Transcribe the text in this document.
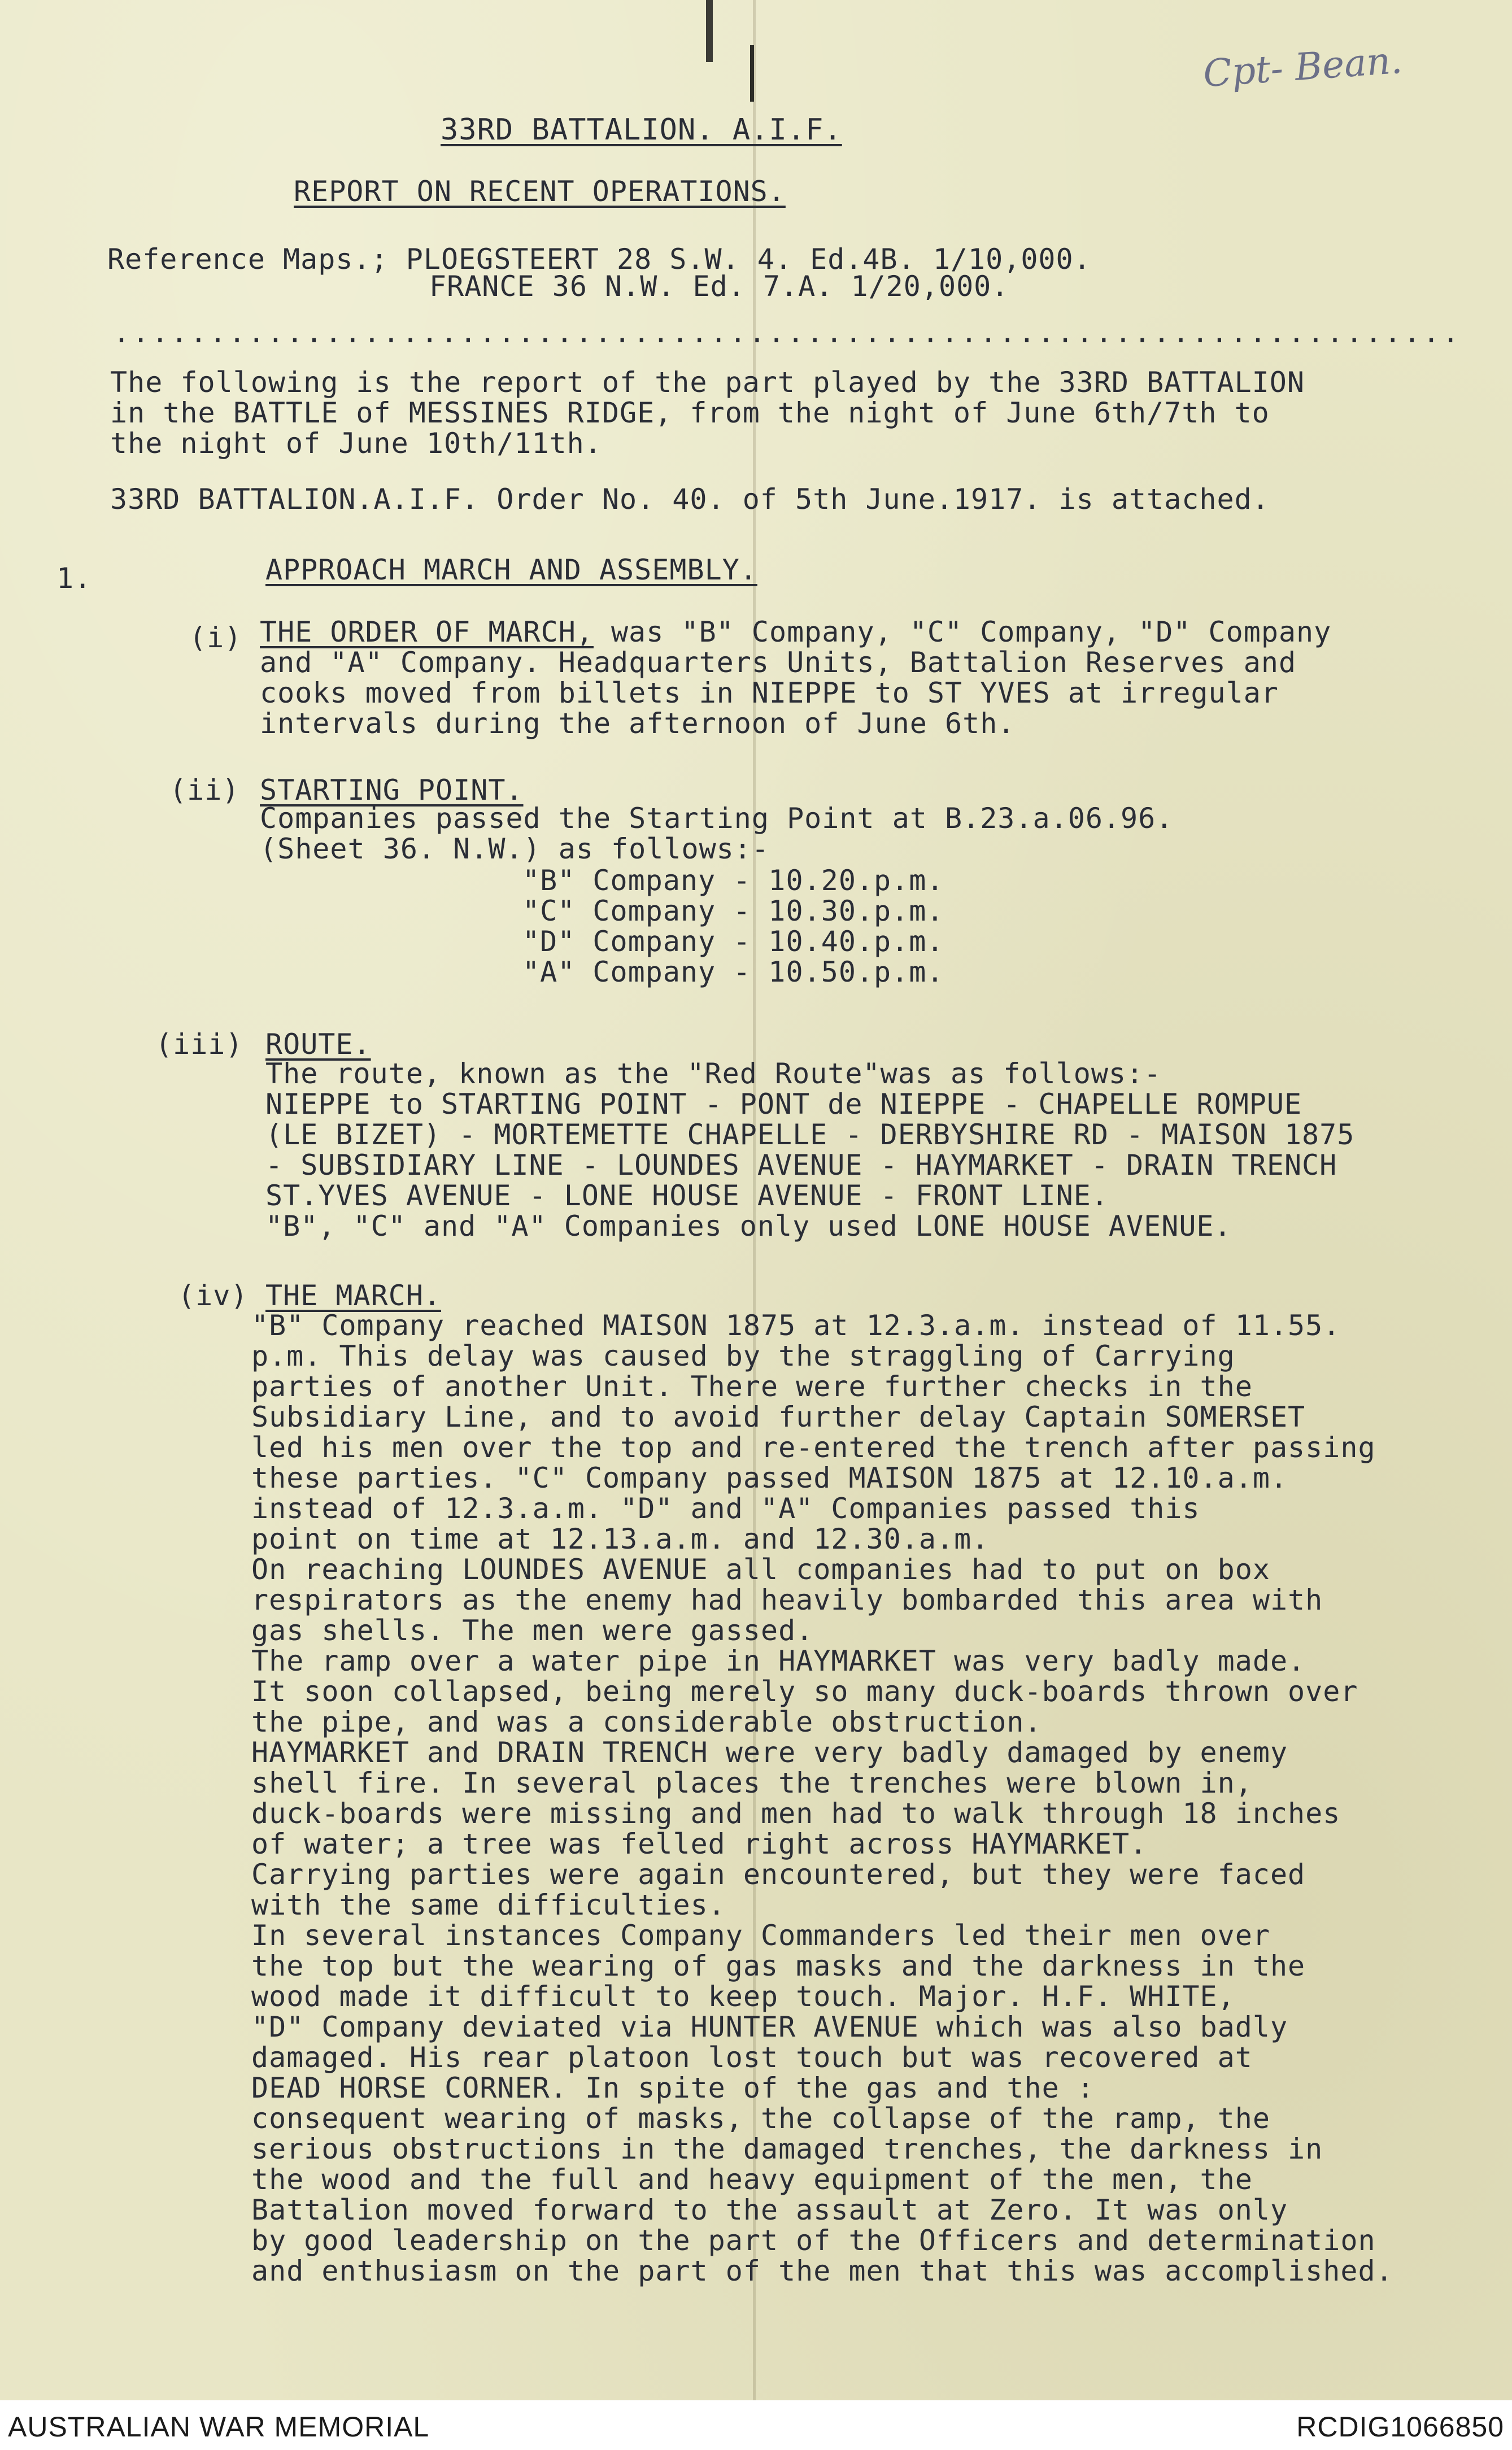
Cpt- Bean.
33RD BATTALION. A.I.F.
REPORT ON RECENT OPERATIONS.
Reference Maps.; PLOEGSTEERT 28 S.W. 4. Ed.4B. 1/10,000.
FRANCE 36 N.W. Ed. 7.A. 1/20,000.
......................................................................
The following is the report of the part played by the 33RD BATTALION
in the BATTLE of MESSINES RIDGE, from the night of June 6th/7th to
the night of June 10th/11th.
33RD BATTALION.A.I.F. Order No. 40. of 5th June.1917. is attached.
1.	APPROACH MARCH AND ASSEMBLY.
(i) THE ORDER OF MARCH, was "B" Company, "C" Company, "D" Company
and "A" Company. Headquarters Units, Battalion Reserves and
cooks moved from billets in NIEPPE to ST YVES at irregular
intervals during the afternoon of June 6th.
(ii) STARTING POINT.
Companies passed the Starting Point at B.23.a.06.96.
(Sheet 36. N.W.) as follows:-
"B" Company - 10.20.p.m.
"C" Company - 10.30.p.m.
"D" Company - 10.40.p.m.
"A" Company - 10.50.p.m.
(iii) ROUTE.
The route, known as the "Red Route"was as follows:-
NIEPPE to STARTING POINT - PONT de NIEPPE - CHAPELLE ROMPUE
(LE BIZET) - MORTEMETTE CHAPELLE - DERBYSHIRE RD - MAISON 1875
- SUBSIDIARY LINE - LOUNDES AVENUE - HAYMARKET - DRAIN TRENCH
ST.YVES AVENUE - LONE HOUSE AVENUE - FRONT LINE.
"B", "C" and "A" Companies only used LONE HOUSE AVENUE.
(iv) THE MARCH.
"B" Company reached MAISON 1875 at 12.3.a.m. instead of 11.55.
p.m. This delay was caused by the straggling of Carrying
parties of another Unit. There were further checks in the
Subsidiary Line, and to avoid further delay Captain SOMERSET
led his men over the top and re-entered the trench after passing
these parties. "C" Company passed MAISON 1875 at 12.10.a.m.
instead of 12.3.a.m. "D" and "A" Companies passed this
point on time at 12.13.a.m. and 12.30.a.m.
On reaching LOUNDES AVENUE all companies had to put on box
respirators as the enemy had heavily bombarded this area with
gas shells. The men were gassed.
The ramp over a water pipe in HAYMARKET was very badly made.
It soon collapsed, being merely so many duck-boards thrown over
the pipe, and was a considerable obstruction.
HAYMARKET and DRAIN TRENCH were very badly damaged by enemy
shell fire. In several places the trenches were blown in,
duck-boards were missing and men had to walk through 18 inches
of water; a tree was felled right across HAYMARKET.
Carrying parties were again encountered, but they were faced
with the same difficulties.
In several instances Company Commanders led their men over
the top but the wearing of gas masks and the darkness in the
wood made it difficult to keep touch. Major. H.F. WHITE,
"D" Company deviated via HUNTER AVENUE which was also badly
damaged. His rear platoon lost touch but was recovered at
DEAD HORSE CORNER. In spite of the gas and the :
consequent wearing of masks, the collapse of the ramp, the
serious obstructions in the damaged trenches, the darkness in
the wood and the full and heavy equipment of the men, the
Battalion moved forward to the assault at Zero. It was only
by good leadership on the part of the Officers and determination
and enthusiasm on the part of the men that this was accomplished.
AUSTRALIAN WAR MEMORIAL	RCDIG1066850
